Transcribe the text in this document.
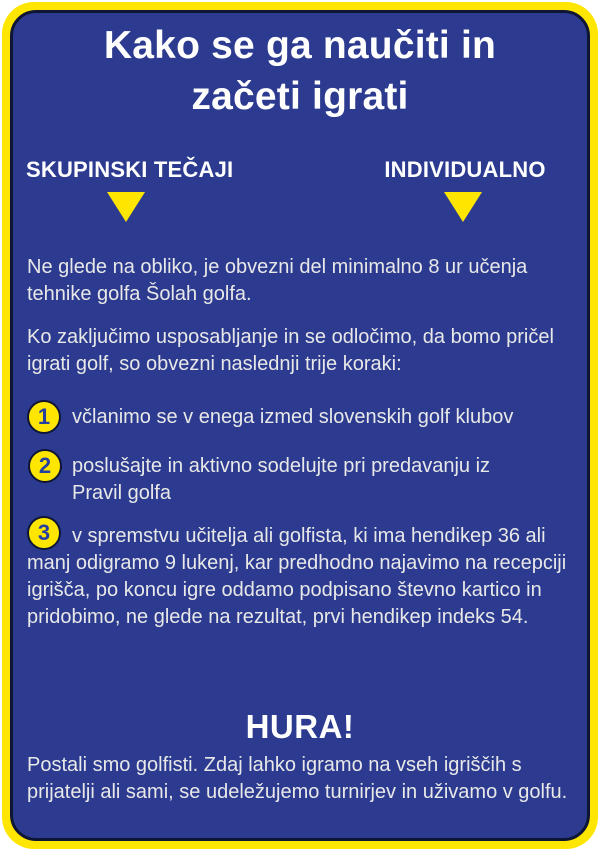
Kako se ga naučiti in
začeti igrati
SKUPINSKI TEČAJI	INDIVIDUALNO
Ne glede na obliko, je obvezni del minimalno 8 ur učenja
tehnike golfa Šolah golfa.
Ko zaključimo usposabljanje in se odločimo, da bomo pričel
igrati golf, so obvezni naslednji trije koraki:
1 včlanimo se v enega izmed slovenskih golf klubov
2 poslušajte in aktivno sodelujte pri predavanju iz
Pravil golfa
3	v spremstvu učitelja ali golfista, ki ima hendikep 36 ali
manj odigramo 9 lukenj, kar predhodno najavimo na recepciji
igrišča, po koncu igre oddamo podpisano števno kartico in
pridobimo, ne glede na rezultat, prvi hendikep indeks 54.
HURA!
Postali smo golfisti. Zdaj lahko igramo na vseh igriščih s
prijatelji ali sami, se udeležujemo turnirjev in uživamo v golfu.
